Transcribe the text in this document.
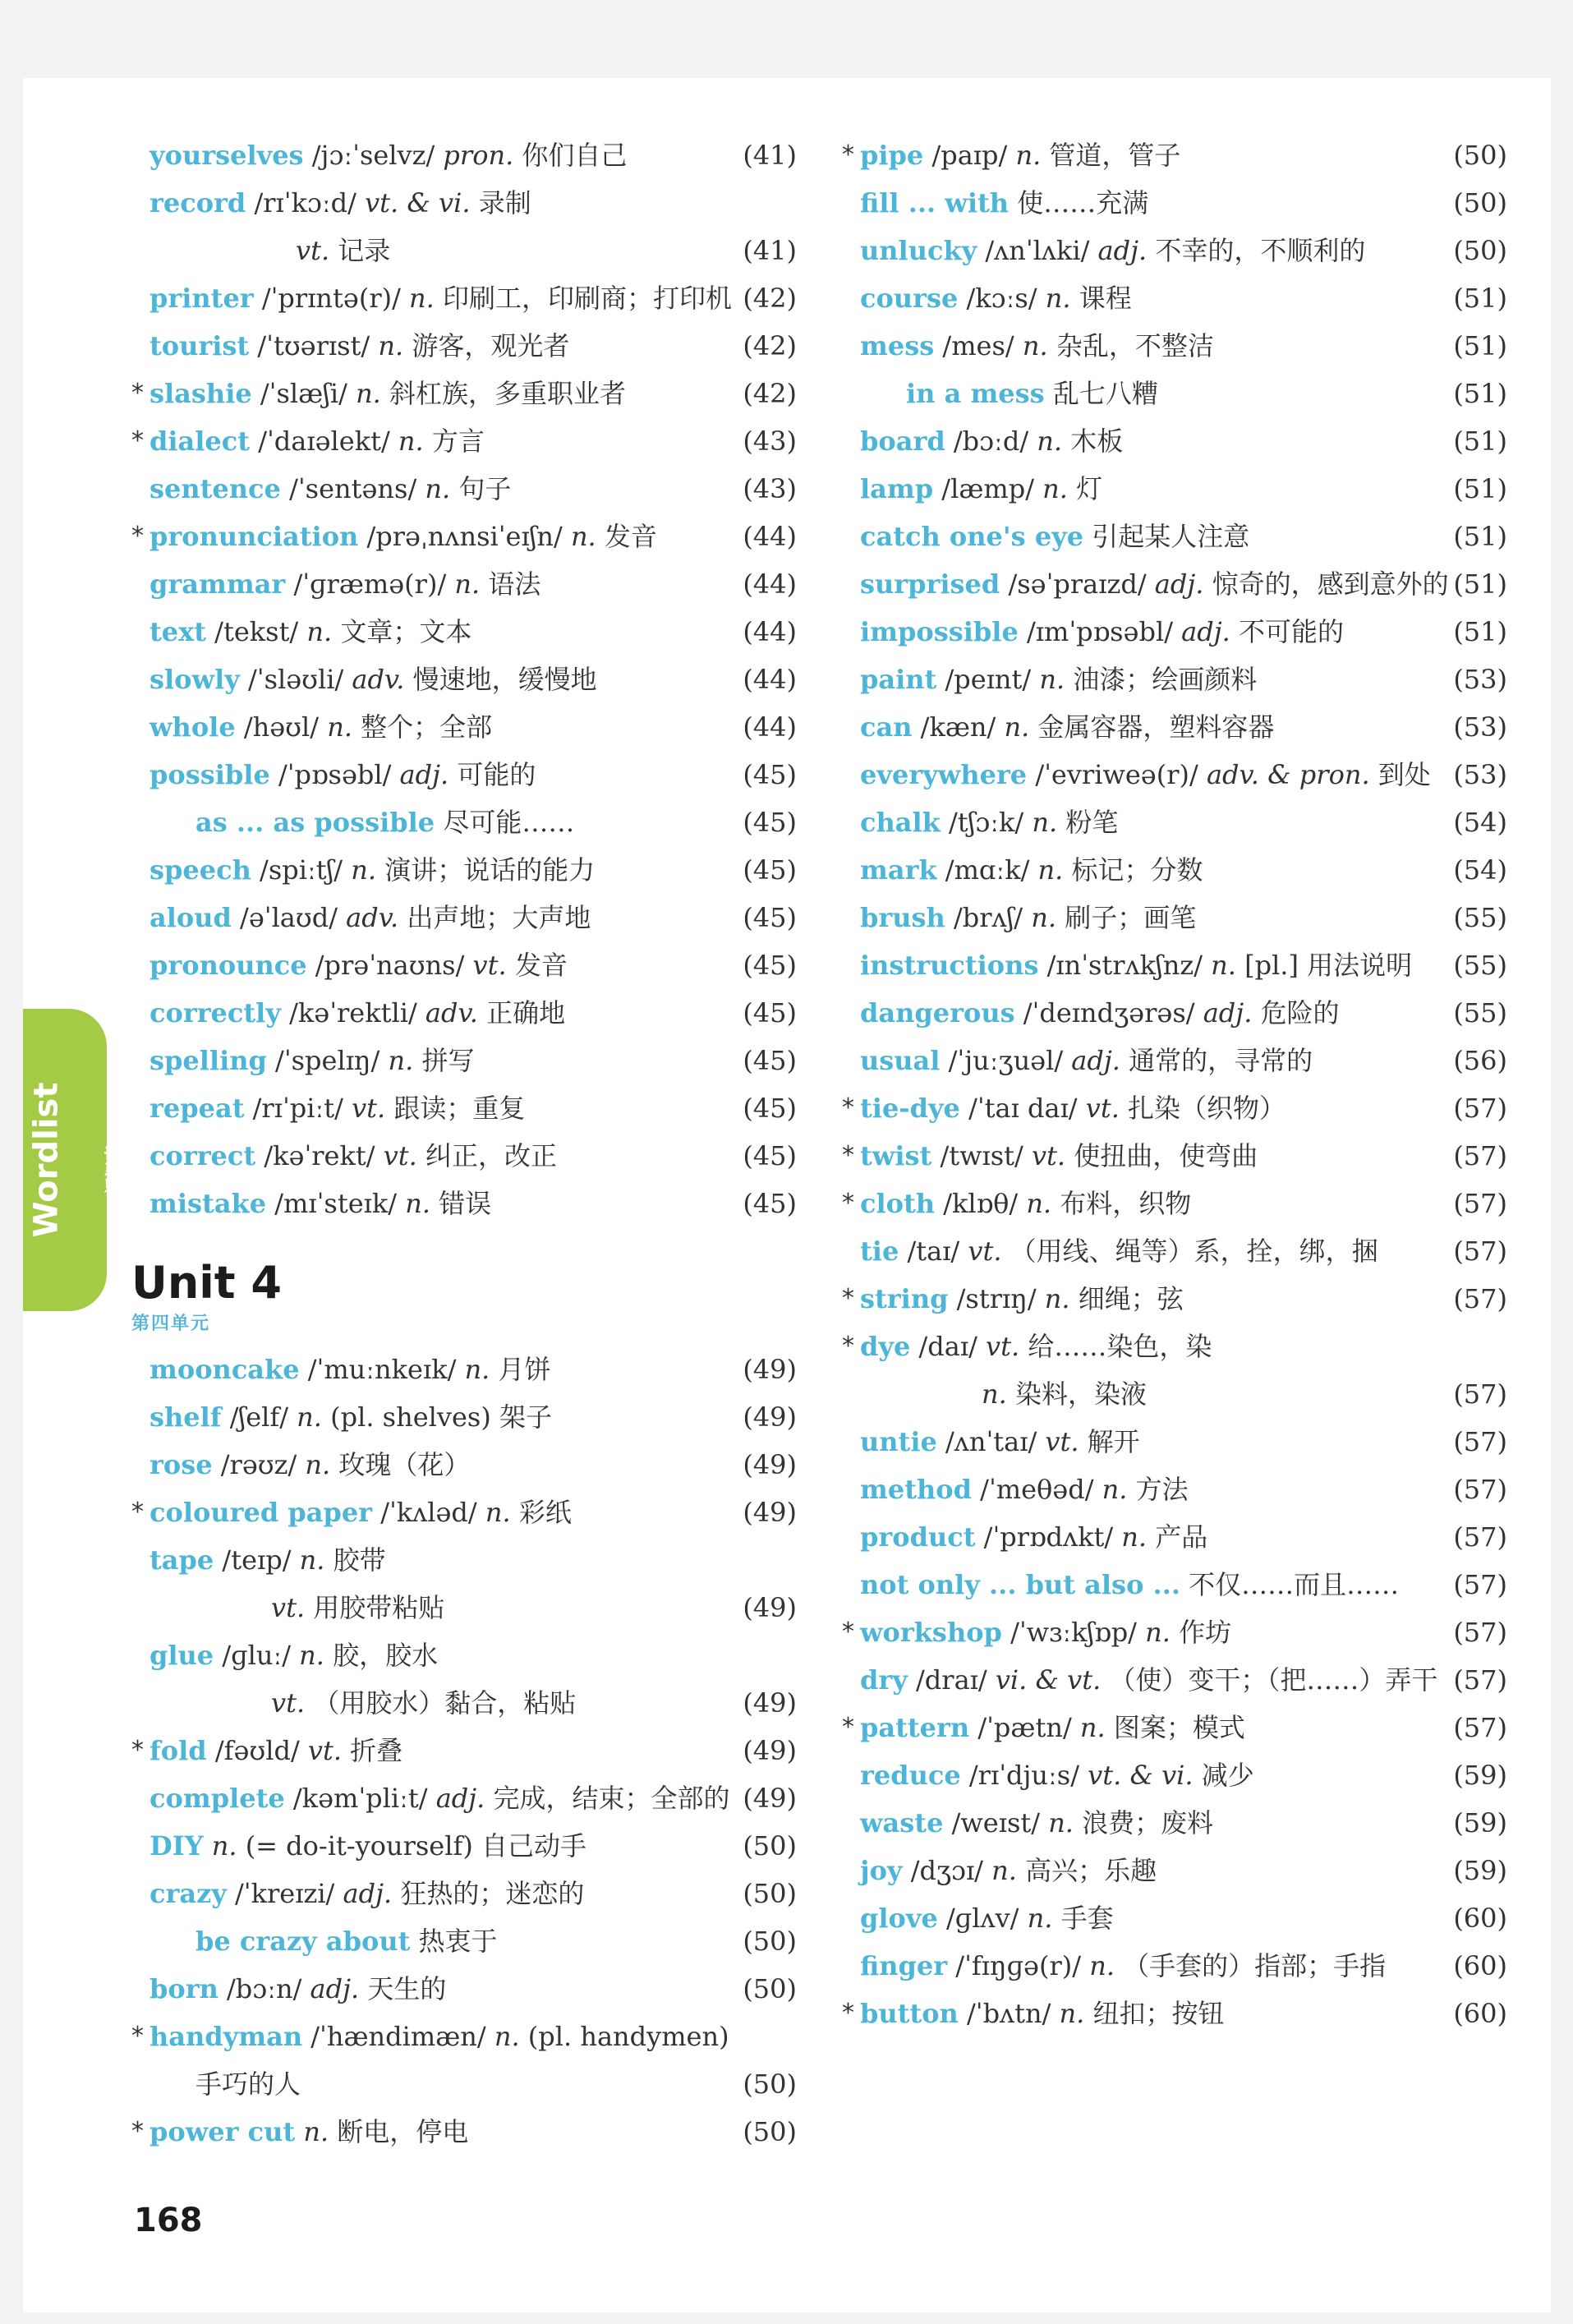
Wordlist 词汇表
yourselves /jɔːˈselvz/ pron. 你们自己	(41)
record /rɪˈkɔːd/ vt. & vi. 录制
vt. 记录	(41)
printer /ˈprɪntə(r)/ n. 印刷工，印刷商；打印机 (42)
tourist /ˈtʊərɪst/ n. 游客，观光者	(42)
* slashie /ˈslæʃi/ n. 斜杠族，多重职业者	(42)
* dialect /ˈdaɪəlekt/ n. 方言	(43)
sentence /ˈsentəns/ n. 句子	(43)
* pronunciation /prəˌnʌnsiˈeɪʃn/ n. 发音	(44)
grammar /ˈɡræmə(r)/ n. 语法	(44)
text /tekst/ n. 文章；文本	(44)
slowly /ˈsləʊli/ adv. 慢速地，缓慢地	(44)
whole /həʊl/ n. 整个；全部	(44)
possible /ˈpɒsəbl/ adj. 可能的	(45)
as ... as possible 尽可能……	(45)
speech /spiːtʃ/ n. 演讲；说话的能力	(45)
aloud /əˈlaʊd/ adv. 出声地；大声地	(45)
pronounce /prəˈnaʊns/ vt. 发音	(45)
correctly /kəˈrektli/ adv. 正确地	(45)
spelling /ˈspelɪŋ/ n. 拼写	(45)
repeat /rɪˈpiːt/ vt. 跟读；重复	(45)
correct /kəˈrekt/ vt. 纠正，改正	(45)
mistake /mɪˈsteɪk/ n. 错误	(45)
Unit 4
第四单元
mooncake /ˈmuːnkeɪk/ n. 月饼	(49)
shelf /ʃelf/ n. (pl. shelves) 架子	(49)
rose /rəʊz/ n. 玫瑰（花）	(49)
* coloured paper /ˈkʌləd/ n. 彩纸	(49)
tape /teɪp/ n. 胶带
vt. 用胶带粘贴	(49)
glue /ɡluː/ n. 胶，胶水
vt. （用胶水）黏合，粘贴	(49)
* fold /fəʊld/ vt. 折叠	(49)
complete /kəmˈpliːt/ adj. 完成，结束；全部的 (49)
DIY n. (= do-it-yourself) 自己动手	(50)
crazy /ˈkreɪzi/ adj. 狂热的；迷恋的	(50)
be crazy about 热衷于	(50)
born /bɔːn/ adj. 天生的	(50)
* handyman /ˈhændimæn/ n. (pl. handymen)
手巧的人	(50)
* power cut n. 断电，停电	(50)
* pipe /paɪp/ n. 管道，管子	(50)
fill ... with 使……充满	(50)
unlucky /ʌnˈlʌki/ adj. 不幸的，不顺利的	(50)
course /kɔːs/ n. 课程	(51)
mess /mes/ n. 杂乱，不整洁	(51)
in a mess 乱七八糟	(51)
board /bɔːd/ n. 木板	(51)
lamp /læmp/ n. 灯	(51)
catch one's eye 引起某人注意	(51)
surprised /səˈpraɪzd/ adj. 惊奇的，感到意外的 (51)
impossible /ɪmˈpɒsəbl/ adj. 不可能的	(51)
paint /peɪnt/ n. 油漆；绘画颜料	(53)
can /kæn/ n. 金属容器，塑料容器	(53)
everywhere /ˈevriweə(r)/ adv. & pron. 到处 (53)
chalk /tʃɔːk/ n. 粉笔	(54)
mark /mɑːk/ n. 标记；分数	(54)
brush /brʌʃ/ n. 刷子；画笔	(55)
instructions /ɪnˈstrʌkʃnz/ n. [pl.] 用法说明 (55)
dangerous /ˈdeɪndʒərəs/ adj. 危险的	(55)
usual /ˈjuːʒuəl/ adj. 通常的，寻常的	(56)
* tie-dye /ˈtaɪ daɪ/ vt. 扎染（织物）	(57)
* twist /twɪst/ vt. 使扭曲，使弯曲	(57)
* cloth /klɒθ/ n. 布料，织物	(57)
tie /taɪ/ vt. （用线、绳等）系，拴，绑，捆	(57)
* string /strɪŋ/ n. 细绳；弦	(57)
* dye /daɪ/ vt. 给……染色，染
n. 染料，染液	(57)
untie /ʌnˈtaɪ/ vt. 解开	(57)
method /ˈmeθəd/ n. 方法	(57)
product /ˈprɒdʌkt/ n. 产品	(57)
not only ... but also ... 不仅……而且…… (57)
* workshop /ˈwɜːkʃɒp/ n. 作坊	(57)
dry /draɪ/ vi. & vt. （使）变干；（把……）弄干 (57)
* pattern /ˈpætn/ n. 图案；模式	(57)
reduce /rɪˈdjuːs/ vt. & vi. 减少	(59)
waste /weɪst/ n. 浪费；废料	(59)
joy /dʒɔɪ/ n. 高兴；乐趣	(59)
glove /ɡlʌv/ n. 手套	(60)
finger /ˈfɪŋɡə(r)/ n. （手套的）指部；手指	(60)
* button /ˈbʌtn/ n. 纽扣；按钮	(60)
168
